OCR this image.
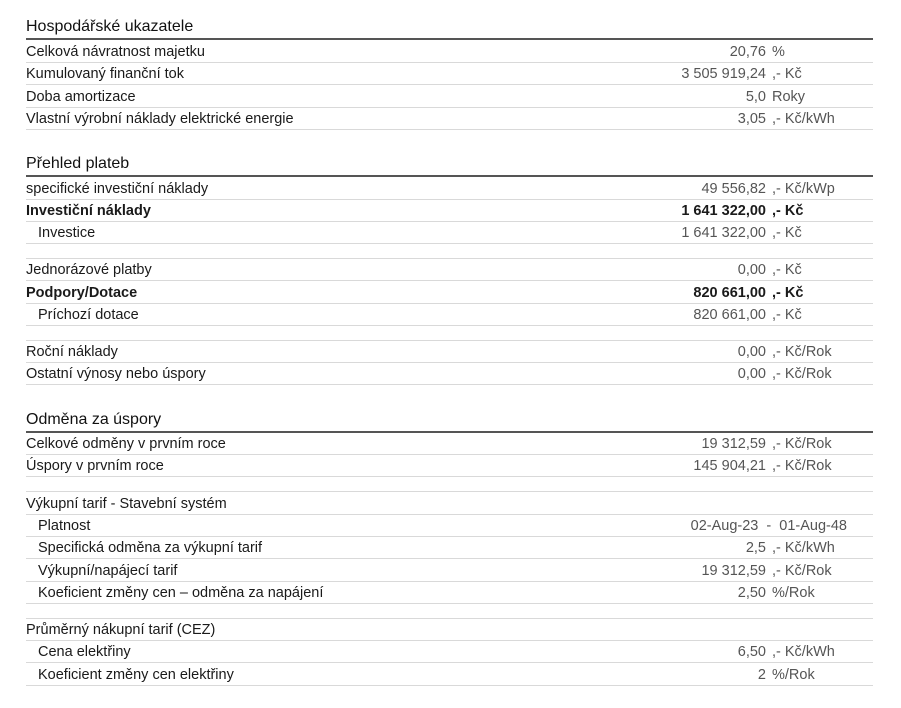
Hospodářské ukazatele
Celková návratnost majetku	20,76 %
Kumulovaný finanční tok	3 505 919,24 ,- Kč
Doba amortizace	5,0 Roky
Vlastní výrobní náklady elektrické energie	3,05 ,- Kč/kWh
Přehled plateb
specifické investiční náklady	49 556,82 ,- Kč/kWp
Investiční náklady	1 641 322,00 ,- Kč
Investice	1 641 322,00 ,- Kč
Jednorázové platby	0,00 ,- Kč
Podpory/Dotace	820 661,00 ,- Kč
Príchozí dotace	820 661,00 ,- Kč
Roční náklady	0,00 ,- Kč/Rok
Ostatní výnosy nebo úspory	0,00 ,- Kč/Rok
Odměna za úspory
Celkové odměny v prvním roce	19 312,59 ,- Kč/Rok
Úspory v prvním roce	145 904,21 ,- Kč/Rok
Výkupní tarif - Stavební systém
Platnost	02-Aug-23  -  01-Aug-48
Specifická odměna za výkupní tarif	2,5 ,- Kč/kWh
Výkupní/napájecí tarif	19 312,59 ,- Kč/Rok
Koeficient změny cen – odměna za napájení	2,50 %/Rok
Průměrný nákupní tarif (CEZ)
Cena elektřiny	6,50 ,- Kč/kWh
Koeficient změny cen elektřiny	2 %/Rok
